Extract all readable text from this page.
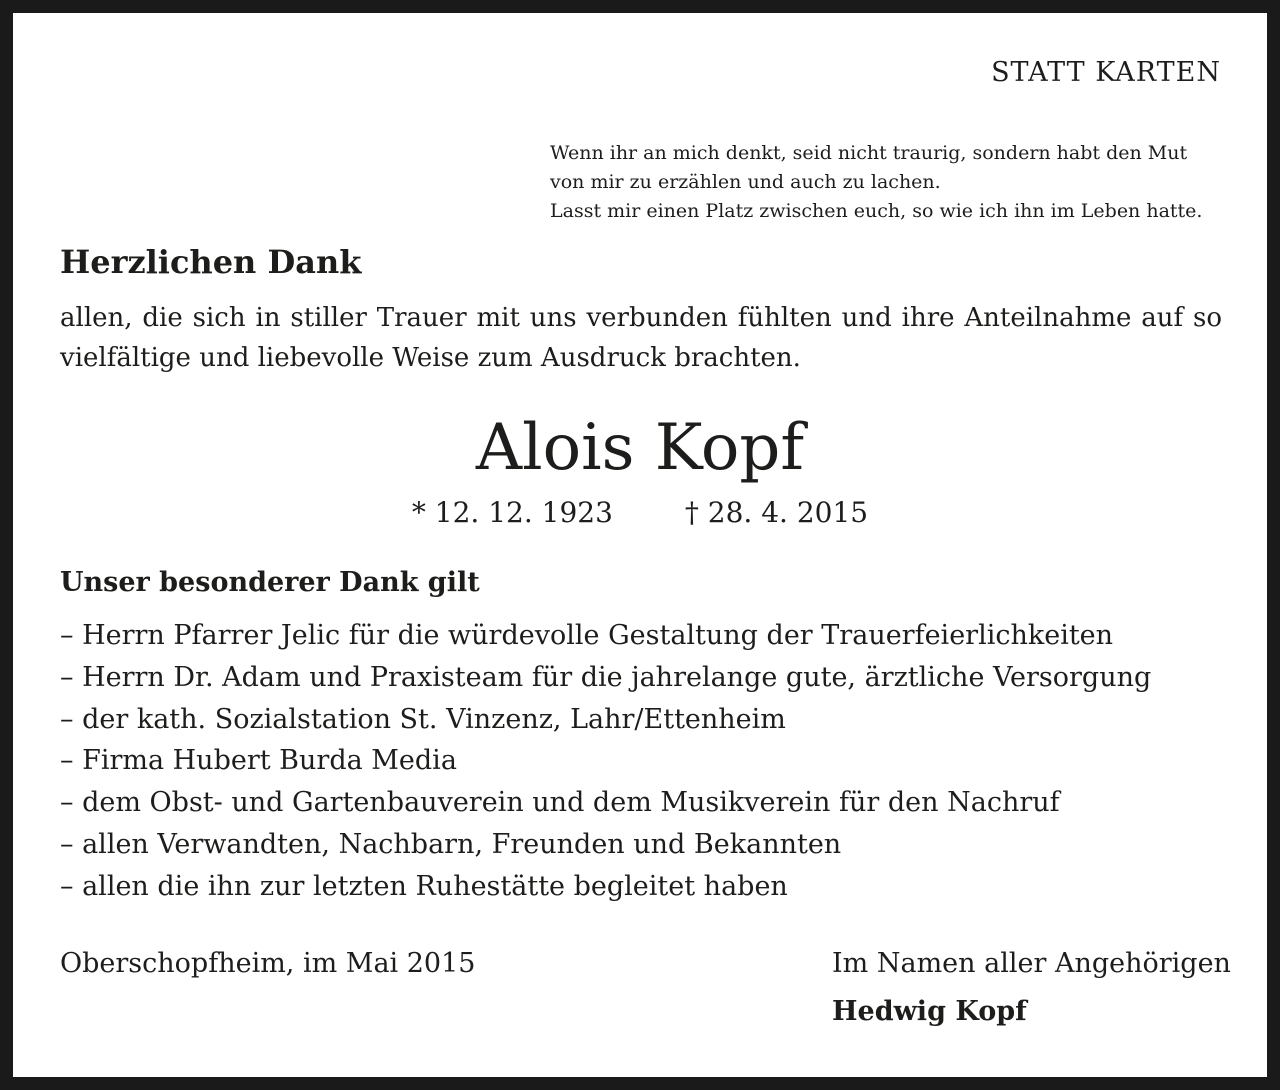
STATT KARTEN
Wenn ihr an mich denkt, seid nicht traurig, sondern habt den Mut
von mir zu erzählen und auch zu lachen.
Lasst mir einen Platz zwischen euch, so wie ich ihn im Leben hatte.
Herzlichen Dank
allen, die sich in stiller Trauer mit uns verbunden fühlten und ihre Anteilnahme auf so vielfältige und liebevolle Weise zum Ausdruck brachten.
Alois Kopf
* 12. 12. 1923	† 28. 4. 2015
Unser besonderer Dank gilt
– Herrn Pfarrer Jelic für die würdevolle Gestaltung der Trauerfeierlichkeiten
– Herrn Dr. Adam und Praxisteam für die jahrelange gute, ärztliche Versorgung
– der kath. Sozialstation St. Vinzenz, Lahr/Ettenheim
– Firma Hubert Burda Media
– dem Obst- und Gartenbauverein und dem Musikverein für den Nachruf
– allen Verwandten, Nachbarn, Freunden und Bekannten
– allen die ihn zur letzten Ruhestätte begleitet haben
Oberschopfheim, im Mai 2015	Im Namen aller Angehörigen
Hedwig Kopf
